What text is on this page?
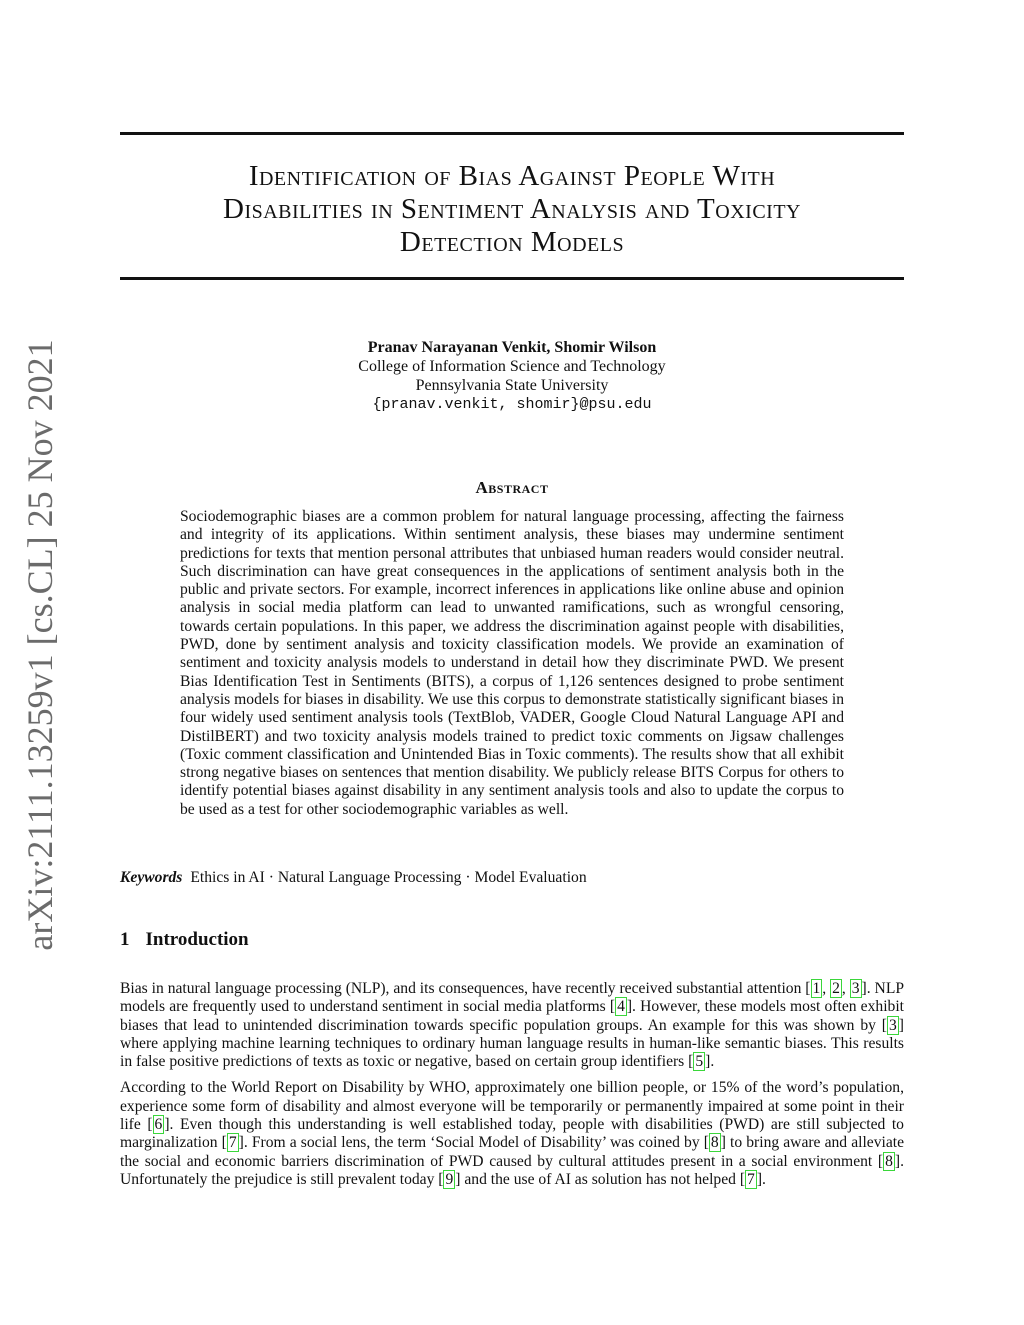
arXiv:2111.13259v1 [cs.CL] 25 Nov 2021
Identification of Bias Against People With
Disabilities in Sentiment Analysis and Toxicity
Detection Models
Pranav Narayanan Venkit, Shomir Wilson
College of Information Science and Technology
Pennsylvania State University
{pranav.venkit, shomir}@psu.edu
Abstract

Sociodemographic biases are a common problem for natural language processing, affecting the fairness and integrity of its applications. Within sentiment analysis, these biases may undermine sentiment predictions for texts that mention personal attributes that unbiased human readers would consider neutral. Such discrimination can have great consequences in the applications of sentiment analysis both in the public and private sectors. For example, incorrect inferences in applications like online abuse and opinion analysis in social media platform can lead to unwanted ramifications, such as wrongful censoring, towards certain populations. In this paper, we address the discrimination against people with disabilities, PWD, done by sentiment analysis and toxicity classification models. We provide an examination of sentiment and toxicity analysis models to understand in detail how they discriminate PWD. We present Bias Identification Test in Sentiments (BITS), a corpus of 1,126 sentences designed to probe sentiment analysis models for biases in disability. We use this corpus to demonstrate statistically significant biases in four widely used sentiment analysis tools (TextBlob, VADER, Google Cloud Natural Language API and DistilBERT) and two toxicity analysis models trained to predict toxic comments on Jigsaw challenges (Toxic comment classification and Unintended Bias in Toxic comments). The results show that all exhibit strong negative biases on sentences that mention disability. We publicly release BITS Corpus for others to identify potential biases against disability in any sentiment analysis tools and also to update the corpus to be used as a test for other sociodemographic variables as well.

Keywords Ethics in AI · Natural Language Processing · Model Evaluation
1 Introduction

Bias in natural language processing (NLP), and its consequences, have recently received substantial attention [ 1 , 2 , 3 ]. NLP models are frequently used to understand sentiment in social media platforms [ 4 ]. However, these models most often exhibit biases that lead to unintended discrimination towards specific population groups. An example for this was shown by [ 3 ] where applying machine learning techniques to ordinary human language results in human-like semantic biases. This results in false positive predictions of texts as toxic or negative, based on certain group identifiers [ 5 ].

According to the World Report on Disability by WHO, approximately one billion people, or 15% of the word’s population, experience some form of disability and almost everyone will be temporarily or permanently impaired at some point in their life [ 6 ]. Even though this understanding is well established today, people with disabilities (PWD) are still subjected to marginalization [ 7 ]. From a social lens, the term ‘Social Model of Disability’ was coined by [ 8 ] to bring aware and alleviate the social and economic barriers discrimination of PWD caused by cultural attitudes present in a social environment [ 8 ]. Unfortunately the prejudice is still prevalent today [ 9 ] and the use of AI as solution has not helped [ 7 ].
